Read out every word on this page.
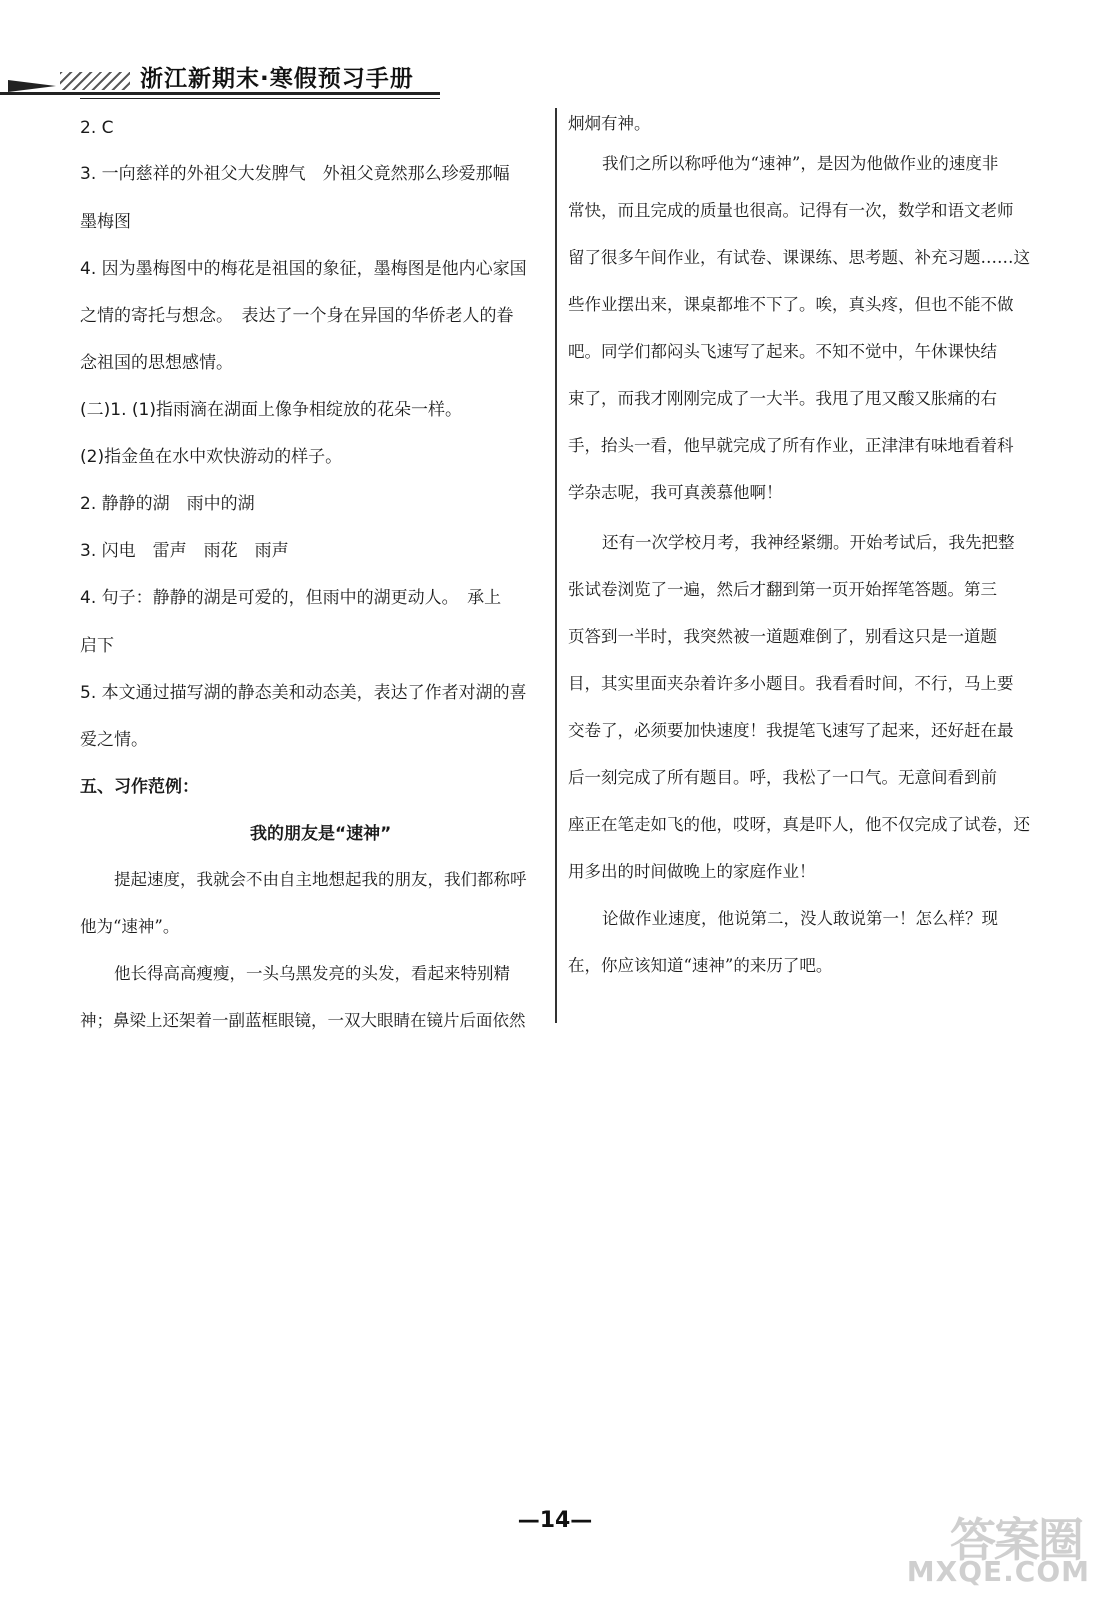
浙江新期末·寒假预习手册
2. C
3. 一向慈祥的外祖父大发脾气　外祖父竟然那么珍爱那幅
墨梅图
4. 因为墨梅图中的梅花是祖国的象征，墨梅图是他内心家国
之情的寄托与想念。　表达了一个身在异国的华侨老人的眷
念祖国的思想感情。
(二)1. (1)指雨滴在湖面上像争相绽放的花朵一样。
(2)指金鱼在水中欢快游动的样子。
2. 静静的湖　雨中的湖
3. 闪电　雷声　雨花　雨声
4. 句子：静静的湖是可爱的，但雨中的湖更动人。　承上
启下
5. 本文通过描写湖的静态美和动态美，表达了作者对湖的喜
爱之情。
五、习作范例：
我的朋友是“速神”
提起速度，我就会不由自主地想起我的朋友，我们都称呼
他为“速神”。
他长得高高瘦瘦，一头乌黑发亮的头发，看起来特别精
神；鼻梁上还架着一副蓝框眼镜，一双大眼睛在镜片后面依然
炯炯有神。
我们之所以称呼他为“速神”，是因为他做作业的速度非
常快，而且完成的质量也很高。记得有一次，数学和语文老师
留了很多午间作业，有试卷、课课练、思考题、补充习题……这
些作业摆出来，课桌都堆不下了。唉，真头疼，但也不能不做
吧。同学们都闷头飞速写了起来。不知不觉中，午休课快结
束了，而我才刚刚完成了一大半。我甩了甩又酸又胀痛的右
手，抬头一看，他早就完成了所有作业，正津津有味地看着科
学杂志呢，我可真羡慕他啊！
还有一次学校月考，我神经紧绷。开始考试后，我先把整
张试卷浏览了一遍，然后才翻到第一页开始挥笔答题。第三
页答到一半时，我突然被一道题难倒了，别看这只是一道题
目，其实里面夹杂着许多小题目。我看看时间，不行，马上要
交卷了，必须要加快速度！我提笔飞速写了起来，还好赶在最
后一刻完成了所有题目。呼，我松了一口气。无意间看到前
座正在笔走如飞的他，哎呀，真是吓人，他不仅完成了试卷，还
用多出的时间做晚上的家庭作业！
论做作业速度，他说第二，没人敢说第一！怎么样？现
在，你应该知道“速神”的来历了吧。
—14—	答案圈
MXQE.COM
